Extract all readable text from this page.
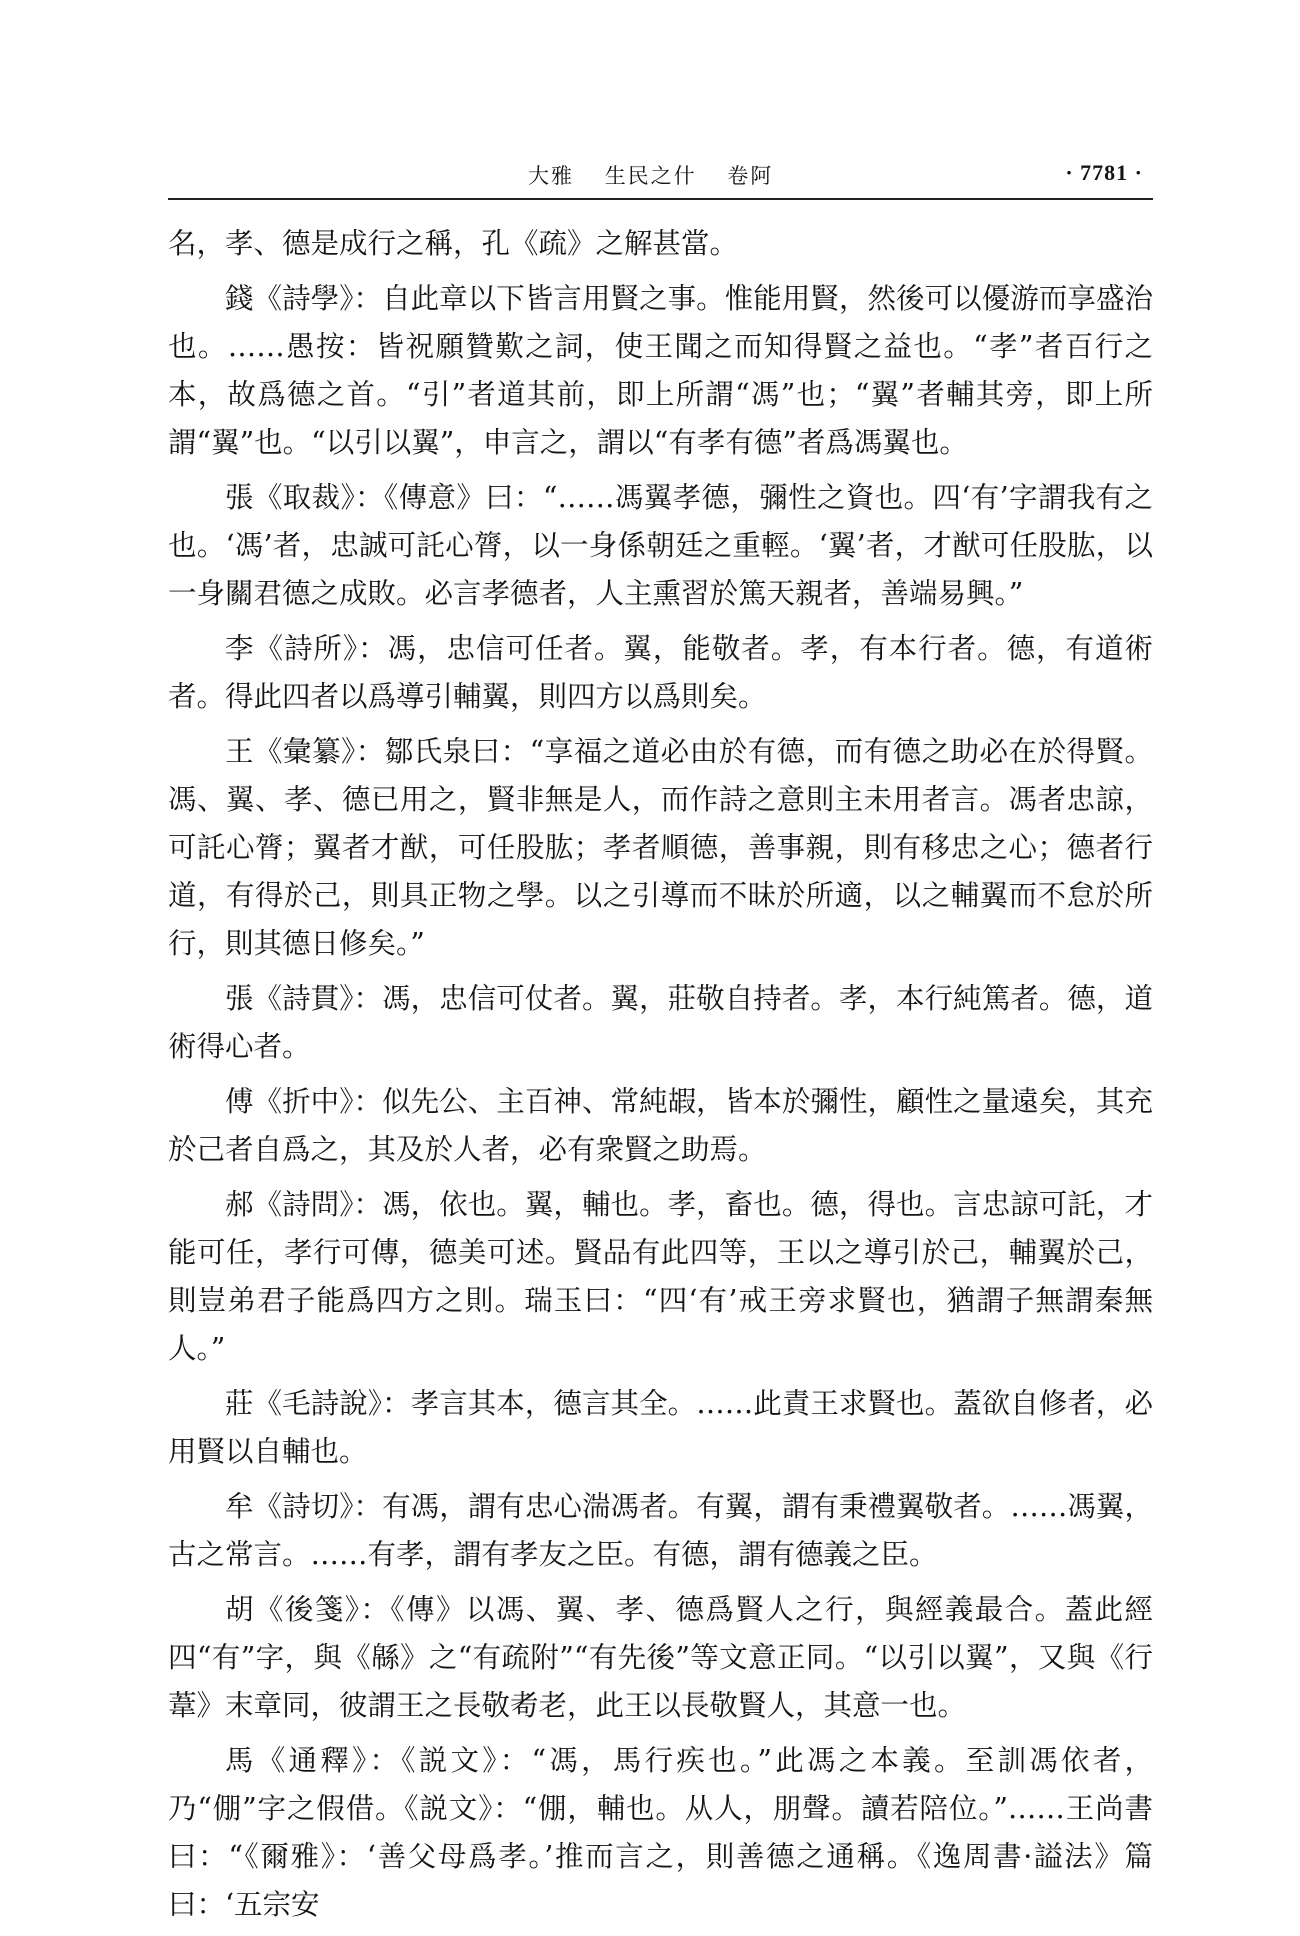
大雅 生民之什 卷阿	· 7781 ·

名，孝、德是成行之稱，孔《疏》之解甚當。

錢《詩學》：自此章以下皆言用賢之事。惟能用賢，然後可以優游而享盛治也。……愚按：皆祝願贊歎之詞，使王聞之而知得賢之益也。“孝”者百行之本，故爲德之首。“引”者道其前，即上所謂“馮”也；“翼”者輔其旁，即上所謂“翼”也。“以引以翼”，申言之，謂以“有孝有德”者爲馮翼也。

張《取裁》：《傳意》曰：“……馮翼孝德，彌性之資也。四‘有’字謂我有之也。‘馮’者，忠誠可託心膂，以一身係朝廷之重輕。‘翼’者，才猷可任股肱，以一身關君德之成敗。必言孝德者，人主熏習於篤天親者，善端易興。”

李《詩所》：馮，忠信可任者。翼，能敬者。孝，有本行者。德，有道術者。得此四者以爲導引輔翼，則四方以爲則矣。

王《彙纂》：鄒氏泉曰：“享福之道必由於有德，而有德之助必在於得賢。馮、翼、孝、德已用之，賢非無是人，而作詩之意則主未用者言。馮者忠諒，可託心膂；翼者才猷，可任股肱；孝者順德，善事親，則有移忠之心；德者行道，有得於己，則具正物之學。以之引導而不昧於所適，以之輔翼而不怠於所行，則其德日修矣。”

張《詩貫》：馮，忠信可仗者。翼，莊敬自持者。孝，本行純篤者。德，道術得心者。

傅《折中》：似先公、主百神、常純嘏，皆本於彌性，顧性之量遠矣，其充於己者自爲之，其及於人者，必有衆賢之助焉。

郝《詩問》：馮，依也。翼，輔也。孝，畜也。德，得也。言忠諒可託，才能可任，孝行可傳，德美可述。賢品有此四等，王以之導引於己，輔翼於己，則豈弟君子能爲四方之則。瑞玉曰：“四‘有’戒王旁求賢也，猶謂子無謂秦無人。”

莊《毛詩說》：孝言其本，德言其全。……此責王求賢也。蓋欲自修者，必用賢以自輔也。

牟《詩切》：有馮，謂有忠心湍馮者。有翼，謂有秉禮翼敬者。……馮翼，古之常言。……有孝，謂有孝友之臣。有德，謂有德義之臣。

胡《後箋》：《傳》以馮、翼、孝、德爲賢人之行，與經義最合。蓋此經四“有”字，與《緜》之“有疏附”“有先後”等文意正同。“以引以翼”，又與《行葦》末章同，彼謂王之長敬耇老，此王以長敬賢人，其意一也。

馬《通釋》：《説文》：“馮，馬行疾也。”此馮之本義。至訓馮依者，乃“倗”字之假借。《説文》：“倗，輔也。从人，朋聲。讀若陪位。”……王尚書曰：“《爾雅》：‘善父母爲孝。’推而言之，則善德之通稱。《逸周書·謚法》篇曰：‘五宗安
